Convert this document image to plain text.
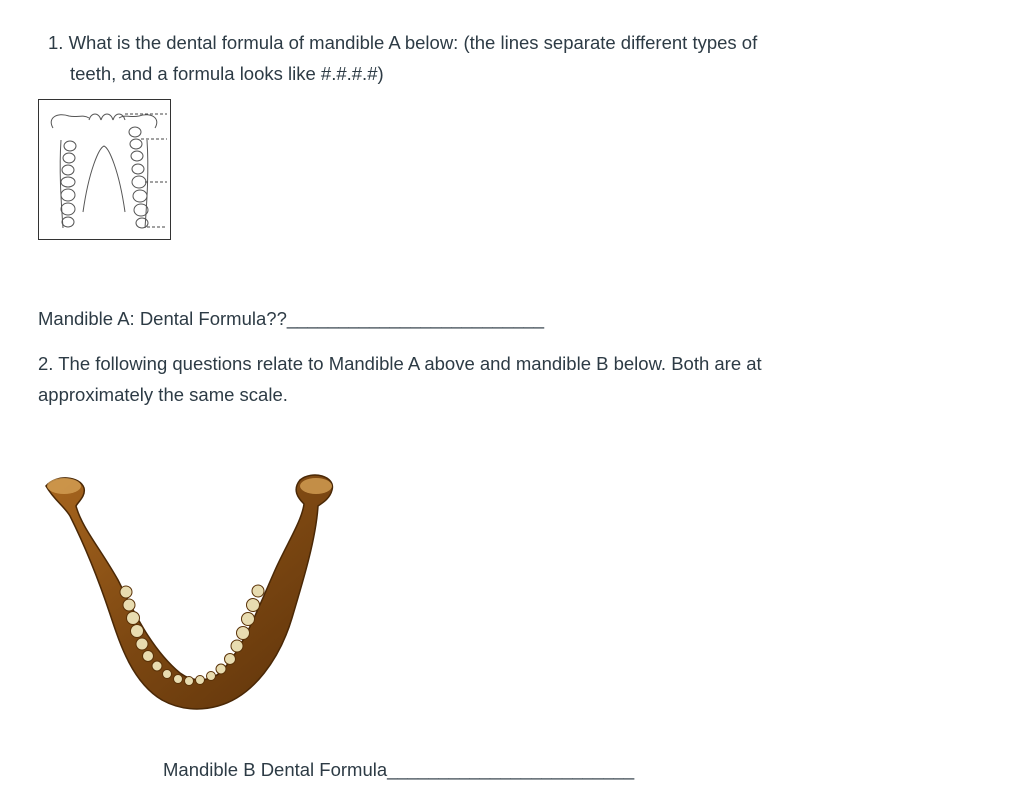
1. What is the dental formula of mandible A below: (the lines separate different types of
teeth, and a formula looks like #.#.#.#)
Mandible A: Dental Formula??_________________________
2. The following questions relate to Mandible A above and mandible B below. Both are at approximately the same scale.
Mandible B Dental Formula________________________
